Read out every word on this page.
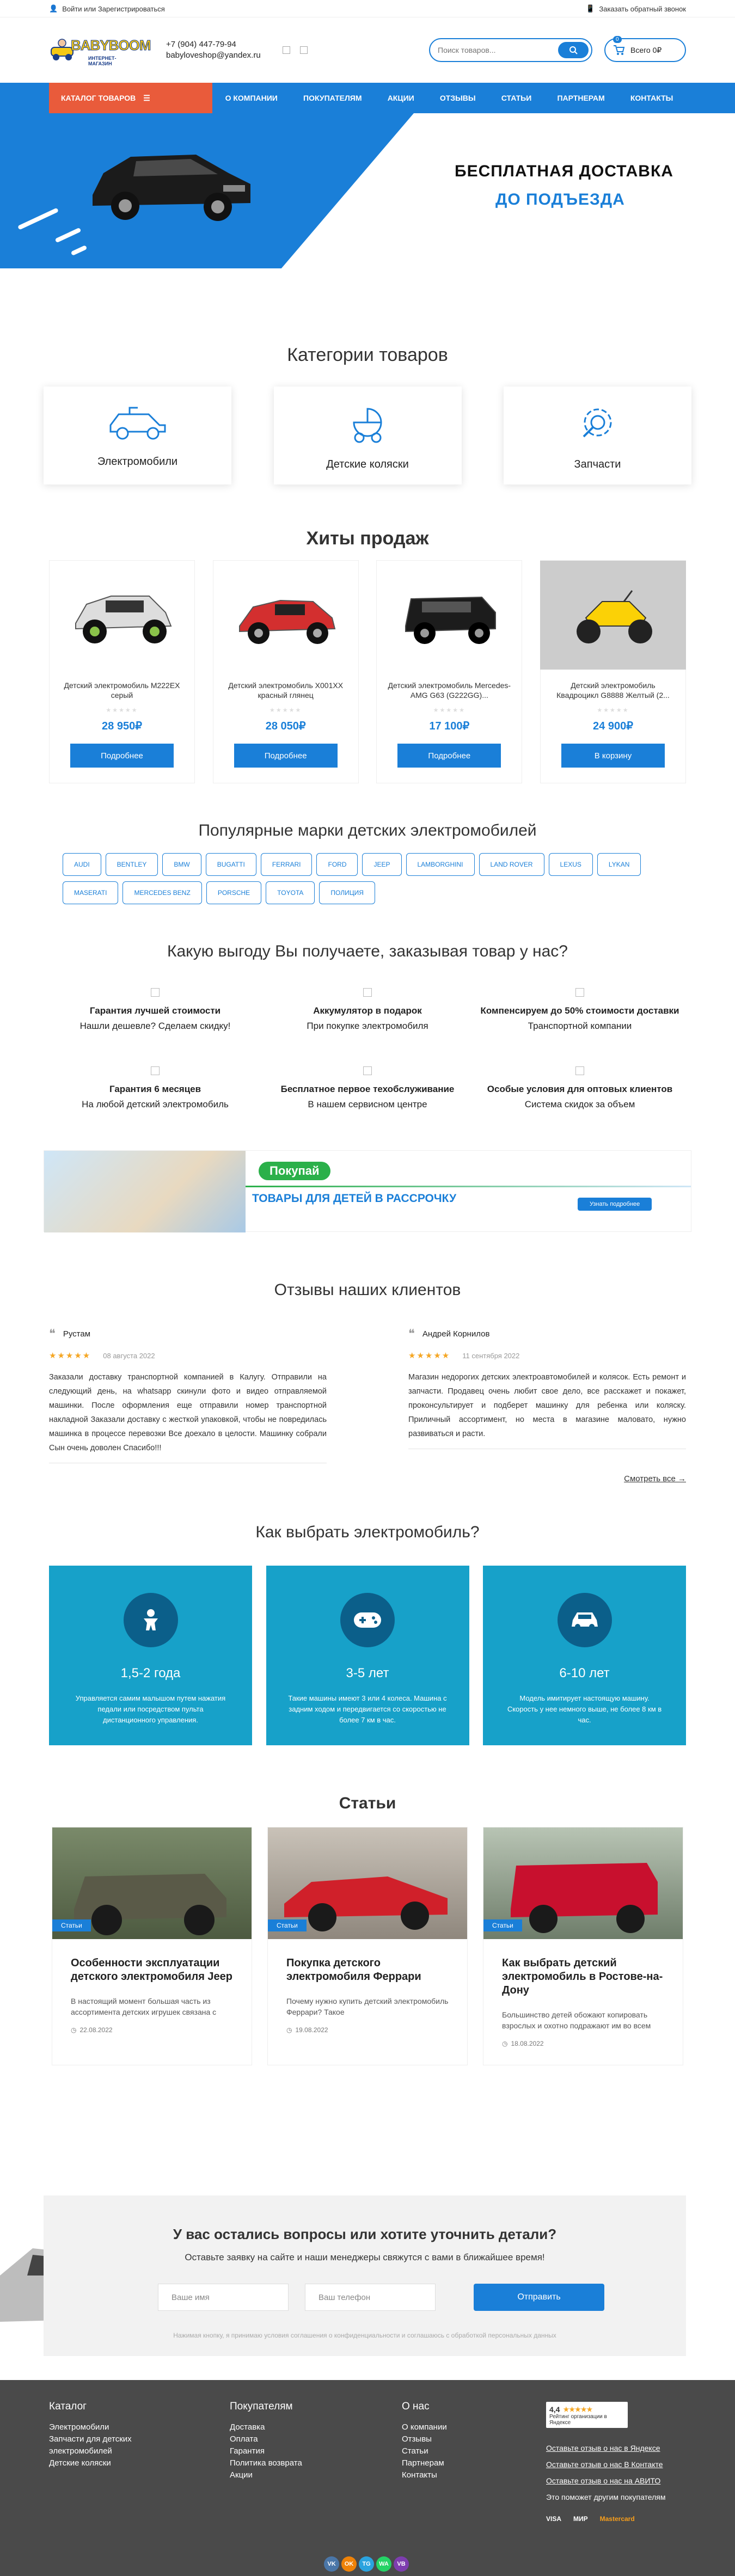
👤 Войти или Зарегистрироваться	📱 Заказать обратный звонок
BABYBOOM
ИНТЕРНЕТ-МАГАЗИН
+7 (904) 447-79-94
babyloveshop@yandex.ru
Поиск товаров...
0
Всего 0₽
КАТАЛОГ ТОВАРОВ ☰	О КОМПАНИИ	ПОКУПАТЕЛЯМ	АКЦИИ	ОТЗЫВЫ	СТАТЬИ	ПАРТНЕРАМ	КОНТАКТЫ
БЕСПЛАТНАЯ ДОСТАВКА
ДО ПОДЪЕЗДА
Категории товаров
Электромобили	Детские коляски	Запчасти
Хиты продаж
Детский электромобиль M222EX серый
★★★★★
28 950₽
Подробнее
Детский электромобиль X001XX красный глянец
★★★★★
28 050₽
Подробнее
Детский электромобиль Mercedes-AMG G63 (G222GG)...
★★★★★
17 100₽
Подробнее
Детский электромобиль Квадроцикл G8888 Желтый (2...
★★★★★
24 900₽
В корзину
Популярные марки детских электромобилей
AUDI	BENTLEY	BMW	BUGATTI	FERRARI	FORD	JEEP	LAMBORGHINI	LAND ROVER	LEXUS	LYKAN
MASERATI	MERCEDES BENZ	PORSCHE	TOYOTA	ПОЛИЦИЯ
Какую выгоду Вы получаете, заказывая товар у нас?
Гарантия лучшей стоимости
Нашли дешевле? Сделаем скидку!
Аккумулятор в подарок
При покупке электромобиля
Компенсируем до 50% стоимости доставки
Транспортной компании
Гарантия 6 месяцев
На любой детский электромобиль
Бесплатное первое техобслуживание
В нашем сервисном центре
Особые условия для оптовых клиентов
Система скидок за объем
Покупай
ТОВАРЫ ДЛЯ ДЕТЕЙ В РАССРОЧКУ	Узнать подробнее
Отзывы наших клиентов
❝ Рустам
★★★★★ 08 августа 2022
Заказали доставку транспортной компанией в Калугу. Отправили на следующий день, на whatsapp скинули фото и видео отправляемой машинки. После оформления еще отправили номер транспортной накладной Заказали доставку с жесткой упаковкой, чтобы не повредилась машинка в процессе перевозки Все доехало в целости. Машинку собрали Сын очень доволен Спасибо!!!
❝ Андрей Корнилов
★★★★★ 11 сентября 2022
Магазин недорогих детских электроавтомобилей и колясок. Есть ремонт и запчасти. Продавец очень любит свое дело, все расскажет и покажет, проконсультирует и подберет машинку для ребенка или коляску. Приличный ассортимент, но места в магазине маловато, нужно развиваться и расти.
Смотреть все →
Как выбрать электромобиль?
1,5-2 года
Управляется самим малышом путем нажатия педали или посредством пульта дистанционного управления.
3-5 лет
Такие машины имеют 3 или 4 колеса. Машина с задним ходом и передвигается со скоростью не более 7 км в час.
6-10 лет
Модель имитирует настоящую машину. Скорость у нее немного выше, не более 8 км в час.
Статьи
Статьи
Особенности эксплуатации детского электромобиля Jeep
В настоящий момент большая часть из ассортимента детских игрушек связана с
◷ 22.08.2022
Статьи
Покупка детского электромобиля Феррари
Почему нужно купить детский электромобиль Феррари? Такое
◷ 19.08.2022
Статьи
Как выбрать детский электромобиль в Ростове-на-Дону
Большинство детей обожают копировать взрослых и охотно подражают им во всем
◷ 18.08.2022
У вас остались вопросы или хотите уточнить детали?
Оставьте заявку на сайте и наши менеджеры свяжутся с вами в ближайшее время!
Ваше имя	Ваш телефон	Отправить
Нажимая кнопку, я принимаю условия соглашения о конфиденциальности и соглашаюсь с обработкой персональных данных
Каталог
Электромобили
Запчасти для детских электромобилей
Детские коляски
Покупателям
Доставка
Оплата
Гарантия
Политика возврата
Акции
О нас
О компании
Отзывы
Статьи
Партнерам
Контакты
4,4 ★★★★★
Рейтинг организации в Яндексе
Оставьте отзыв о нас в Яндексе
Оставьте отзыв о нас В Контакте
Оставьте отзыв о нас на АВИТО
Это поможет другим покупателям
VISA МИР Mastercard
VK	OK	TG	WA	VB
